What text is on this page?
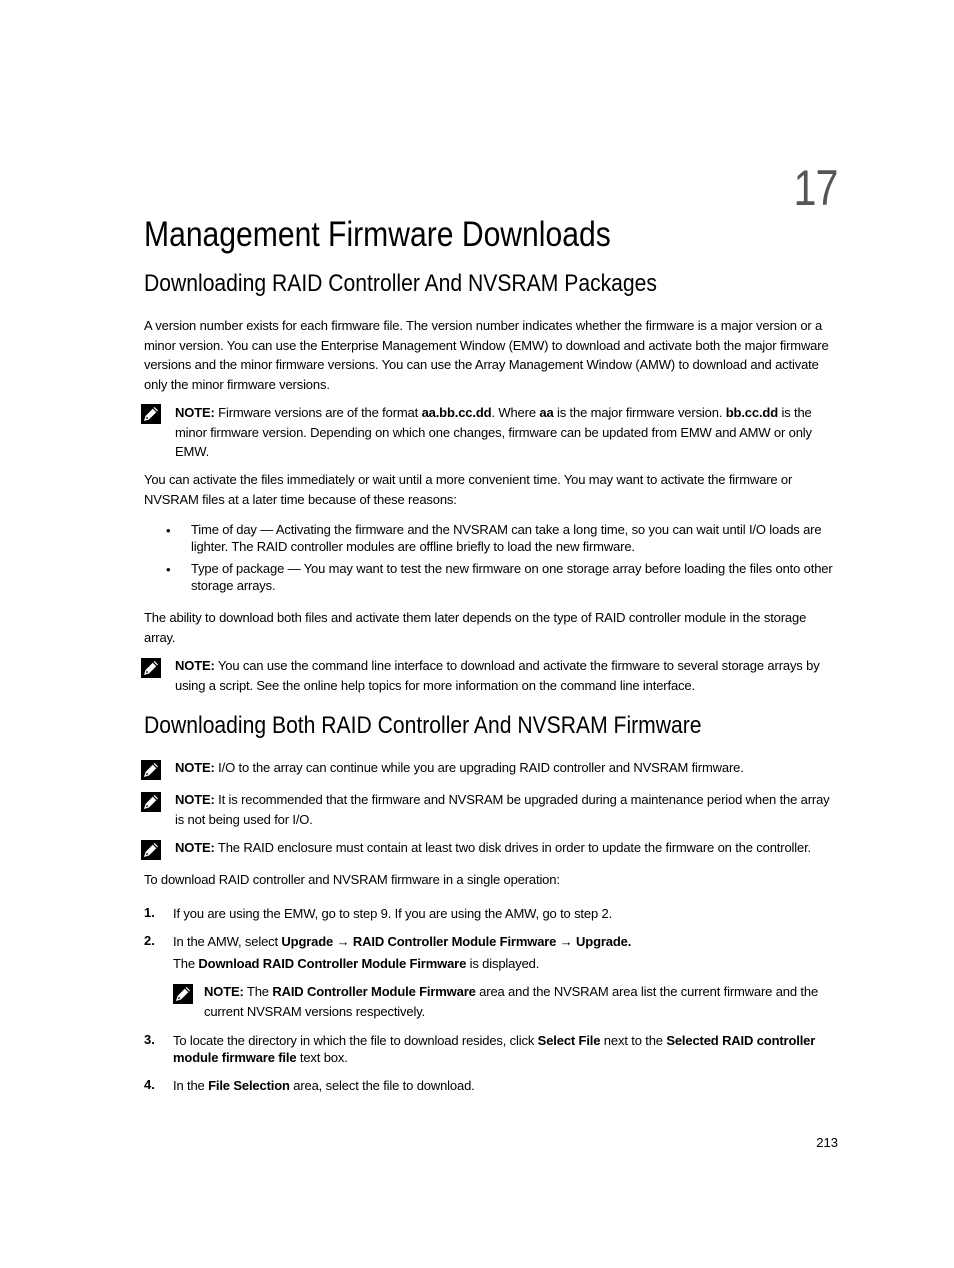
17
Management Firmware Downloads
Downloading RAID Controller And NVSRAM Packages
A version number exists for each firmware file. The version number indicates whether the firmware is a major version or a minor version. You can use the Enterprise Management Window (EMW) to download and activate both the major firmware versions and the minor firmware versions. You can use the Array Management Window (AMW) to download and activate only the minor firmware versions.
NOTE: Firmware versions are of the format aa.bb.cc.dd. Where aa is the major firmware version. bb.cc.dd is the minor firmware version. Depending on which one changes, firmware can be updated from EMW and AMW or only EMW.
You can activate the files immediately or wait until a more convenient time. You may want to activate the firmware or NVSRAM files at a later time because of these reasons:
• Time of day — Activating the firmware and the NVSRAM can take a long time, so you can wait until I/O loads are lighter. The RAID controller modules are offline briefly to load the new firmware.
• Type of package — You may want to test the new firmware on one storage array before loading the files onto other storage arrays.
The ability to download both files and activate them later depends on the type of RAID controller module in the storage array.
NOTE: You can use the command line interface to download and activate the firmware to several storage arrays by using a script. See the online help topics for more information on the command line interface.
Downloading Both RAID Controller And NVSRAM Firmware
NOTE: I/O to the array can continue while you are upgrading RAID controller and NVSRAM firmware.
NOTE: It is recommended that the firmware and NVSRAM be upgraded during a maintenance period when the array is not being used for I/O.
NOTE: The RAID enclosure must contain at least two disk drives in order to update the firmware on the controller.
To download RAID controller and NVSRAM firmware in a single operation:
1. If you are using the EMW, go to step 9. If you are using the AMW, go to step 2.
2. In the AMW, select Upgrade → RAID Controller Module Firmware → Upgrade.
The Download RAID Controller Module Firmware is displayed.
NOTE: The RAID Controller Module Firmware area and the NVSRAM area list the current firmware and the current NVSRAM versions respectively.
3. To locate the directory in which the file to download resides, click Select File next to the Selected RAID controller module firmware file text box.
4. In the File Selection area, select the file to download.
213
